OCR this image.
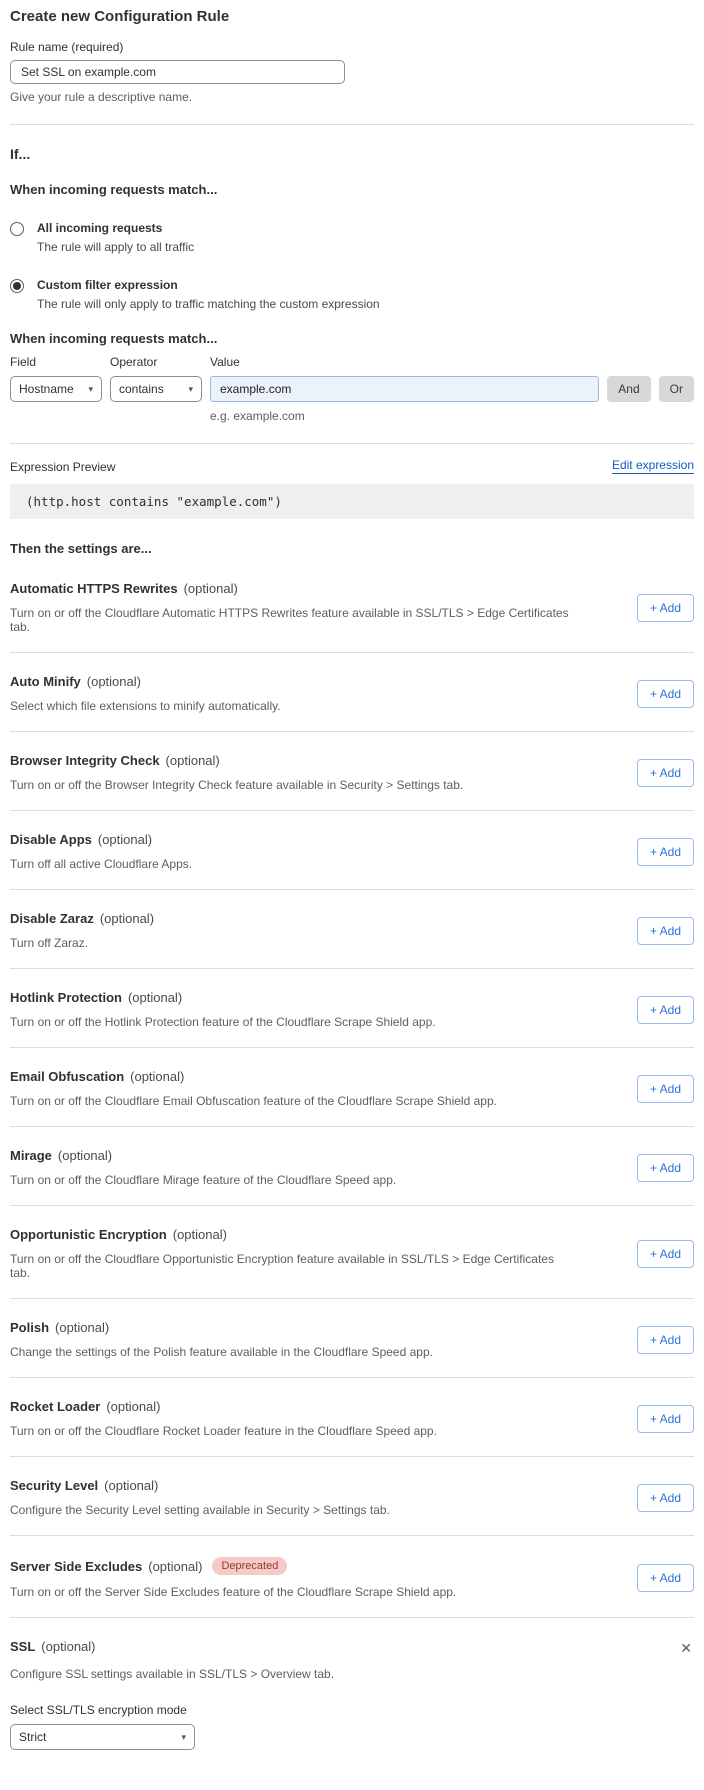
Create new Configuration Rule
Rule name (required)
Set SSL on example.com
Give your rule a descriptive name.
If...
When incoming requests match...
All incoming requests
The rule will apply to all traffic
Custom filter expression
The rule will only apply to traffic matching the custom expression
When incoming requests match...
Field
Hostname ▾
Operator
contains	▾
Value
example.com
e.g. example.com
And	Or
Expression Preview	Edit expression
(http.host contains "example.com")
Then the settings are...
Automatic HTTPS Rewrites (optional)
Turn on or off the Cloudflare Automatic HTTPS Rewrites feature available in SSL/TLS > Edge Certificates tab.
+ Add
Auto Minify (optional)
Select which file extensions to minify automatically.
+ Add
Browser Integrity Check (optional)
Turn on or off the Browser Integrity Check feature available in Security > Settings tab.
+ Add
Disable Apps (optional)
Turn off all active Cloudflare Apps.
+ Add
Disable Zaraz (optional)
Turn off Zaraz.
+ Add
Hotlink Protection (optional)
Turn on or off the Hotlink Protection feature of the Cloudflare Scrape Shield app.
+ Add
Email Obfuscation (optional)
Turn on or off the Cloudflare Email Obfuscation feature of the Cloudflare Scrape Shield app.
+ Add
Mirage (optional)
Turn on or off the Cloudflare Mirage feature of the Cloudflare Speed app.
+ Add
Opportunistic Encryption (optional)
Turn on or off the Cloudflare Opportunistic Encryption feature available in SSL/TLS > Edge Certificates tab.
+ Add
Polish (optional)
Change the settings of the Polish feature available in the Cloudflare Speed app.
+ Add
Rocket Loader (optional)
Turn on or off the Cloudflare Rocket Loader feature in the Cloudflare Speed app.
+ Add
Security Level (optional)
Configure the Security Level setting available in Security > Settings tab.
+ Add
Server Side Excludes (optional)	Deprecated
Turn on or off the Server Side Excludes feature of the Cloudflare Scrape Shield app.
+ Add
SSL (optional)	✕
Configure SSL settings available in SSL/TLS > Overview tab.
Select SSL/TLS encryption mode
Strict	▾
